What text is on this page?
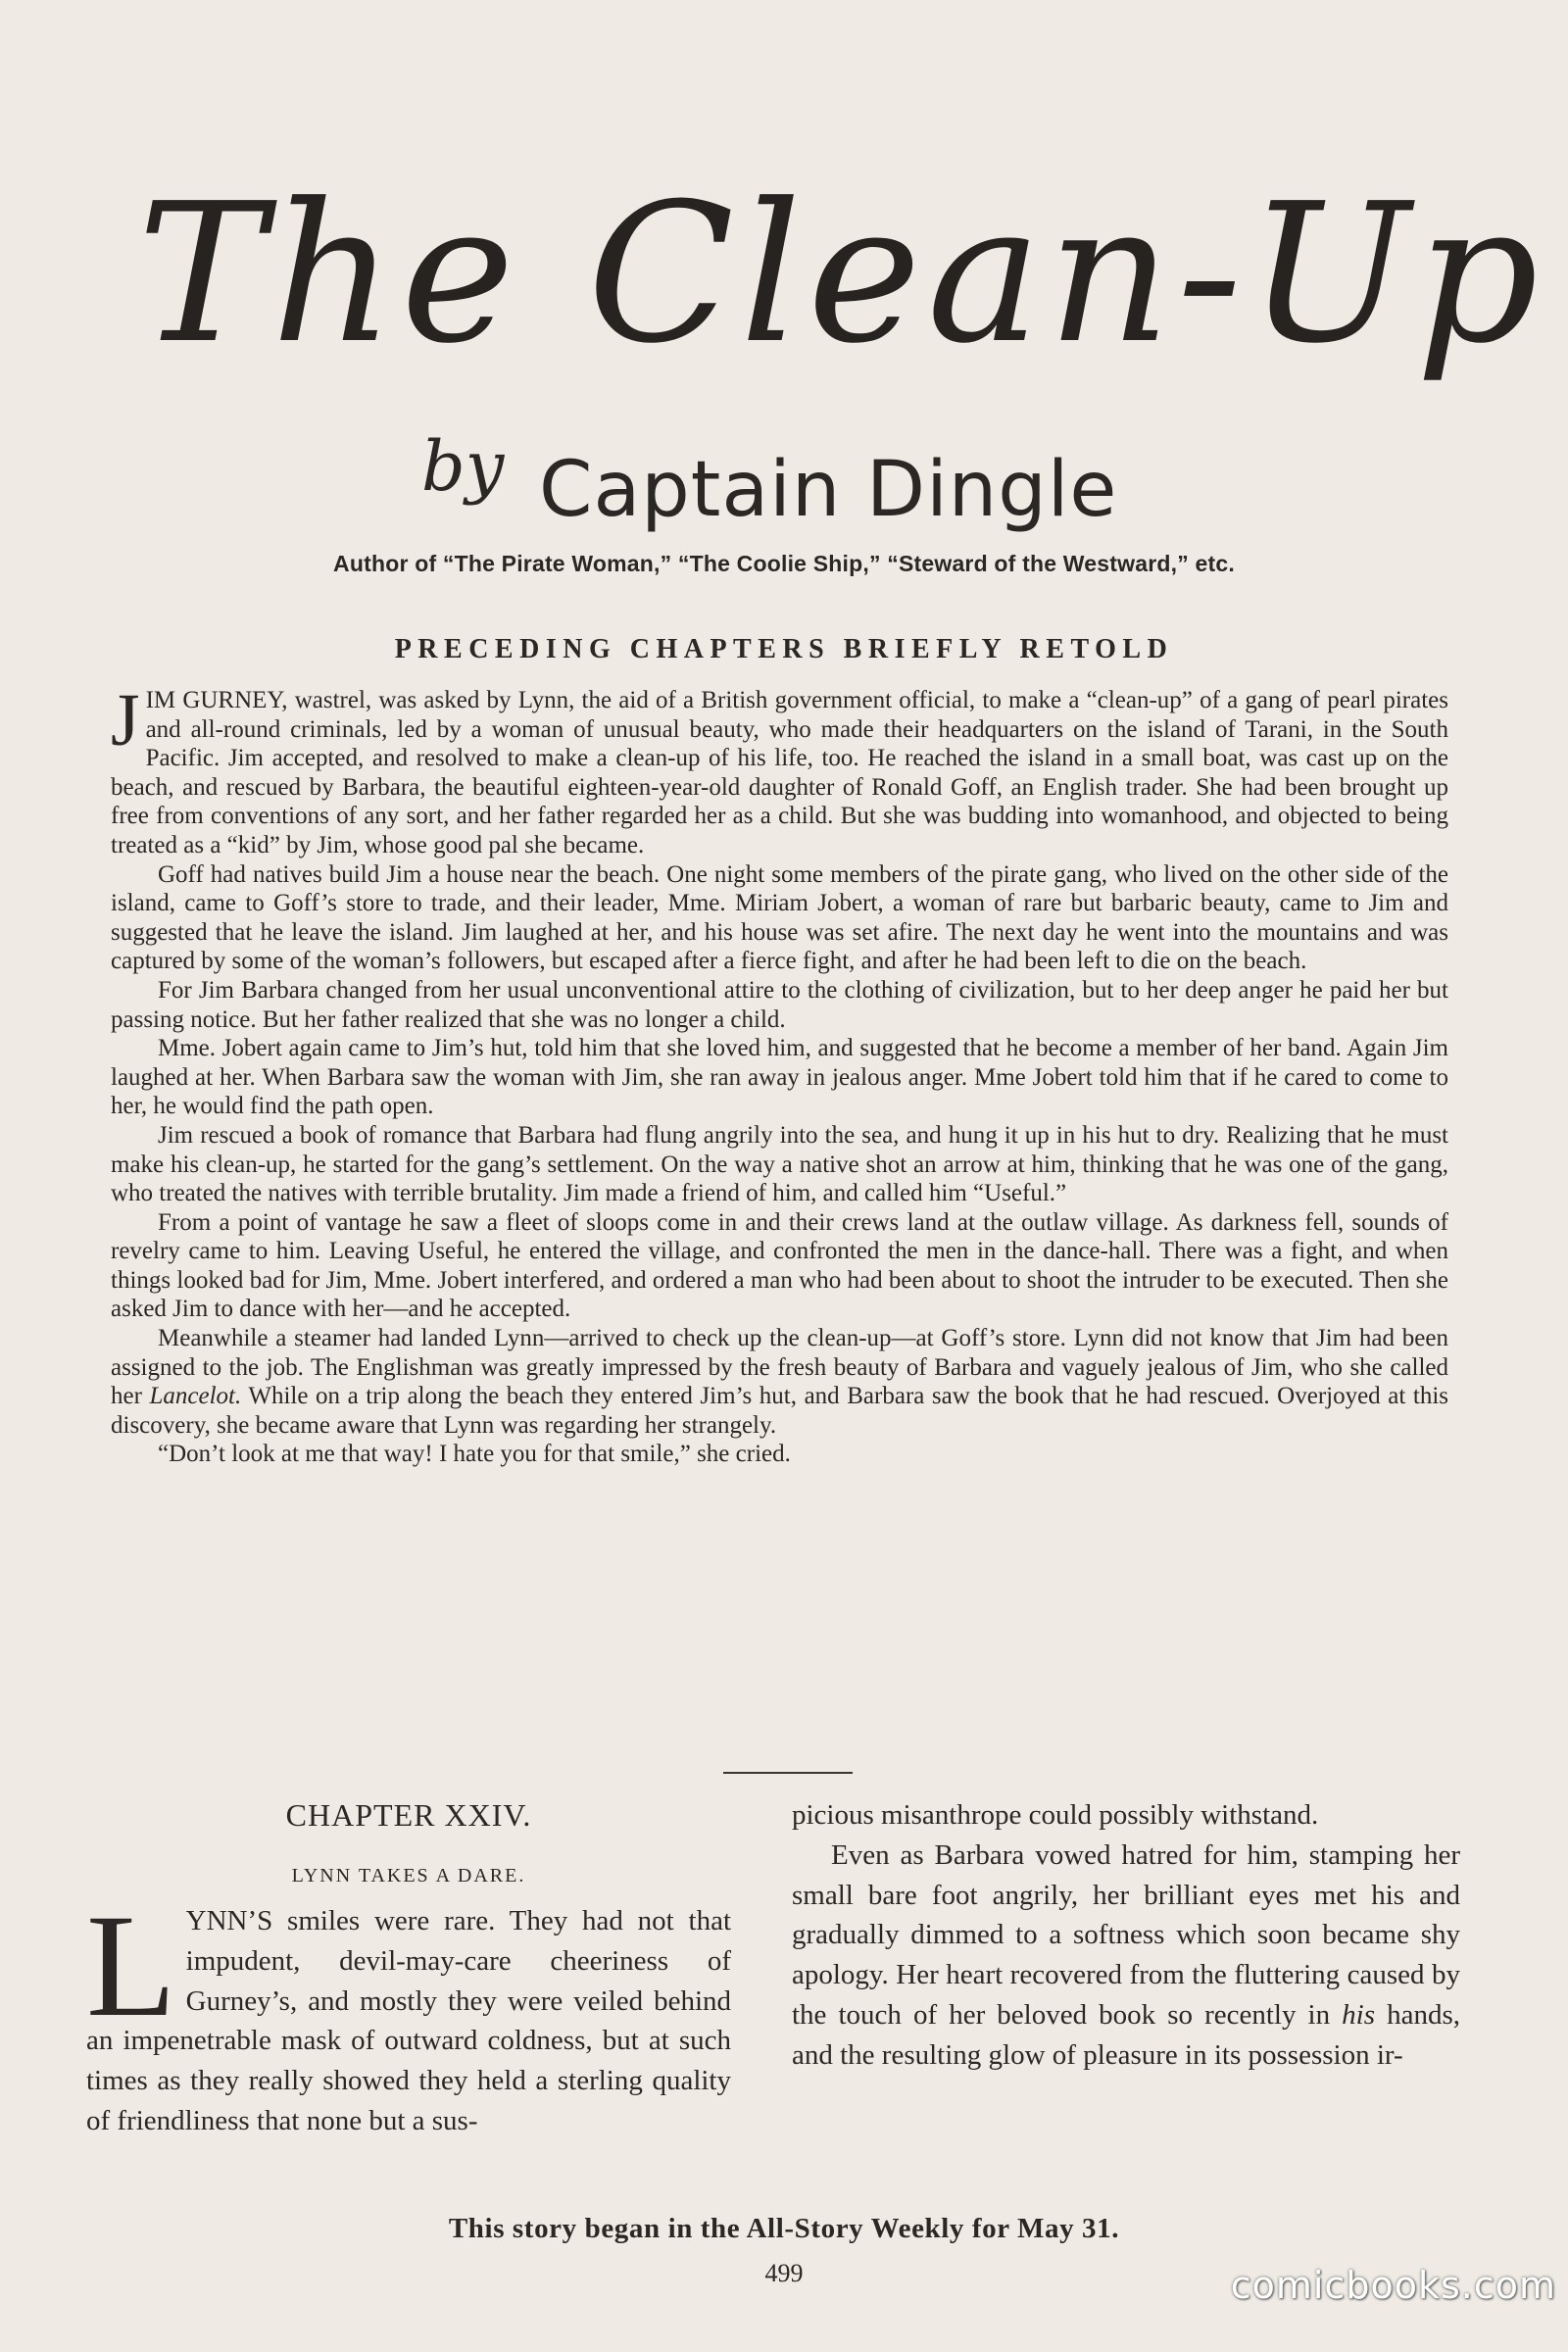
The Clean-Up
by Captain Dingle
Author of “The Pirate Woman,” “The Coolie Ship,” “Steward of the Westward,” etc.
PRECEDING CHAPTERS BRIEFLY RETOLD

JIM GURNEY, wastrel, was asked by Lynn, the aid of a British government official, to make a “clean-up” of a gang of pearl pirates and all-round criminals, led by a woman of unusual beauty, who made their headquarters on the island of Tarani, in the South Pacific. Jim accepted, and resolved to make a clean-up of his life, too. He reached the island in a small boat, was cast up on the beach, and rescued by Barbara, the beautiful eighteen-year-old daughter of Ronald Goff, an English trader. She had been brought up free from conventions of any sort, and her father regarded her as a child. But she was budding into womanhood, and objected to being treated as a “kid” by Jim, whose good pal she became.

Goff had natives build Jim a house near the beach. One night some members of the pirate gang, who lived on the other side of the island, came to Goff’s store to trade, and their leader, Mme. Miriam Jobert, a woman of rare but barbaric beauty, came to Jim and suggested that he leave the island. Jim laughed at her, and his house was set afire. The next day he went into the mountains and was captured by some of the woman’s followers, but escaped after a fierce fight, and after he had been left to die on the beach.

For Jim Barbara changed from her usual unconventional attire to the clothing of civilization, but to her deep anger he paid her but passing notice. But her father realized that she was no longer a child.

Mme. Jobert again came to Jim’s hut, told him that she loved him, and suggested that he become a member of her band. Again Jim laughed at her. When Barbara saw the woman with Jim, she ran away in jealous anger. Mme Jobert told him that if he cared to come to her, he would find the path open.

Jim rescued a book of romance that Barbara had flung angrily into the sea, and hung it up in his hut to dry. Realizing that he must make his clean-up, he started for the gang’s settlement. On the way a native shot an arrow at him, thinking that he was one of the gang, who treated the natives with terrible brutality. Jim made a friend of him, and called him “Useful.”

From a point of vantage he saw a fleet of sloops come in and their crews land at the outlaw village. As darkness fell, sounds of revelry came to him. Leaving Useful, he entered the village, and confronted the men in the dance-hall. There was a fight, and when things looked bad for Jim, Mme. Jobert interfered, and ordered a man who had been about to shoot the intruder to be executed. Then she asked Jim to dance with her—and he accepted.

Meanwhile a steamer had landed Lynn—arrived to check up the clean-up—at Goff’s store. Lynn did not know that Jim had been assigned to the job. The Englishman was greatly impressed by the fresh beauty of Barbara and vaguely jealous of Jim, who she called her Lancelot. While on a trip along the beach they entered Jim’s hut, and Barbara saw the book that he had rescued. Overjoyed at this discovery, she became aware that Lynn was regarding her strangely.

“Don’t look at me that way! I hate you for that smile,” she cried.

CHAPTER XXIV.
LYNN TAKES A DARE.

LYNN’S smiles were rare. They had not that impudent, devil-may-care cheeriness of Gurney’s, and mostly they were veiled behind an impenetrable mask of outward coldness, but at such times as they really showed they held a sterling quality of friendliness that none but a sus-

picious misanthrope could possibly withstand.

Even as Barbara vowed hatred for him, stamping her small bare foot angrily, her brilliant eyes met his and gradually dimmed to a softness which soon became shy apology. Her heart recovered from the fluttering caused by the touch of her beloved book so recently in his hands, and the resulting glow of pleasure in its possession ir-

This story began in the All-Story Weekly for May 31.
499	comicbooks.com
